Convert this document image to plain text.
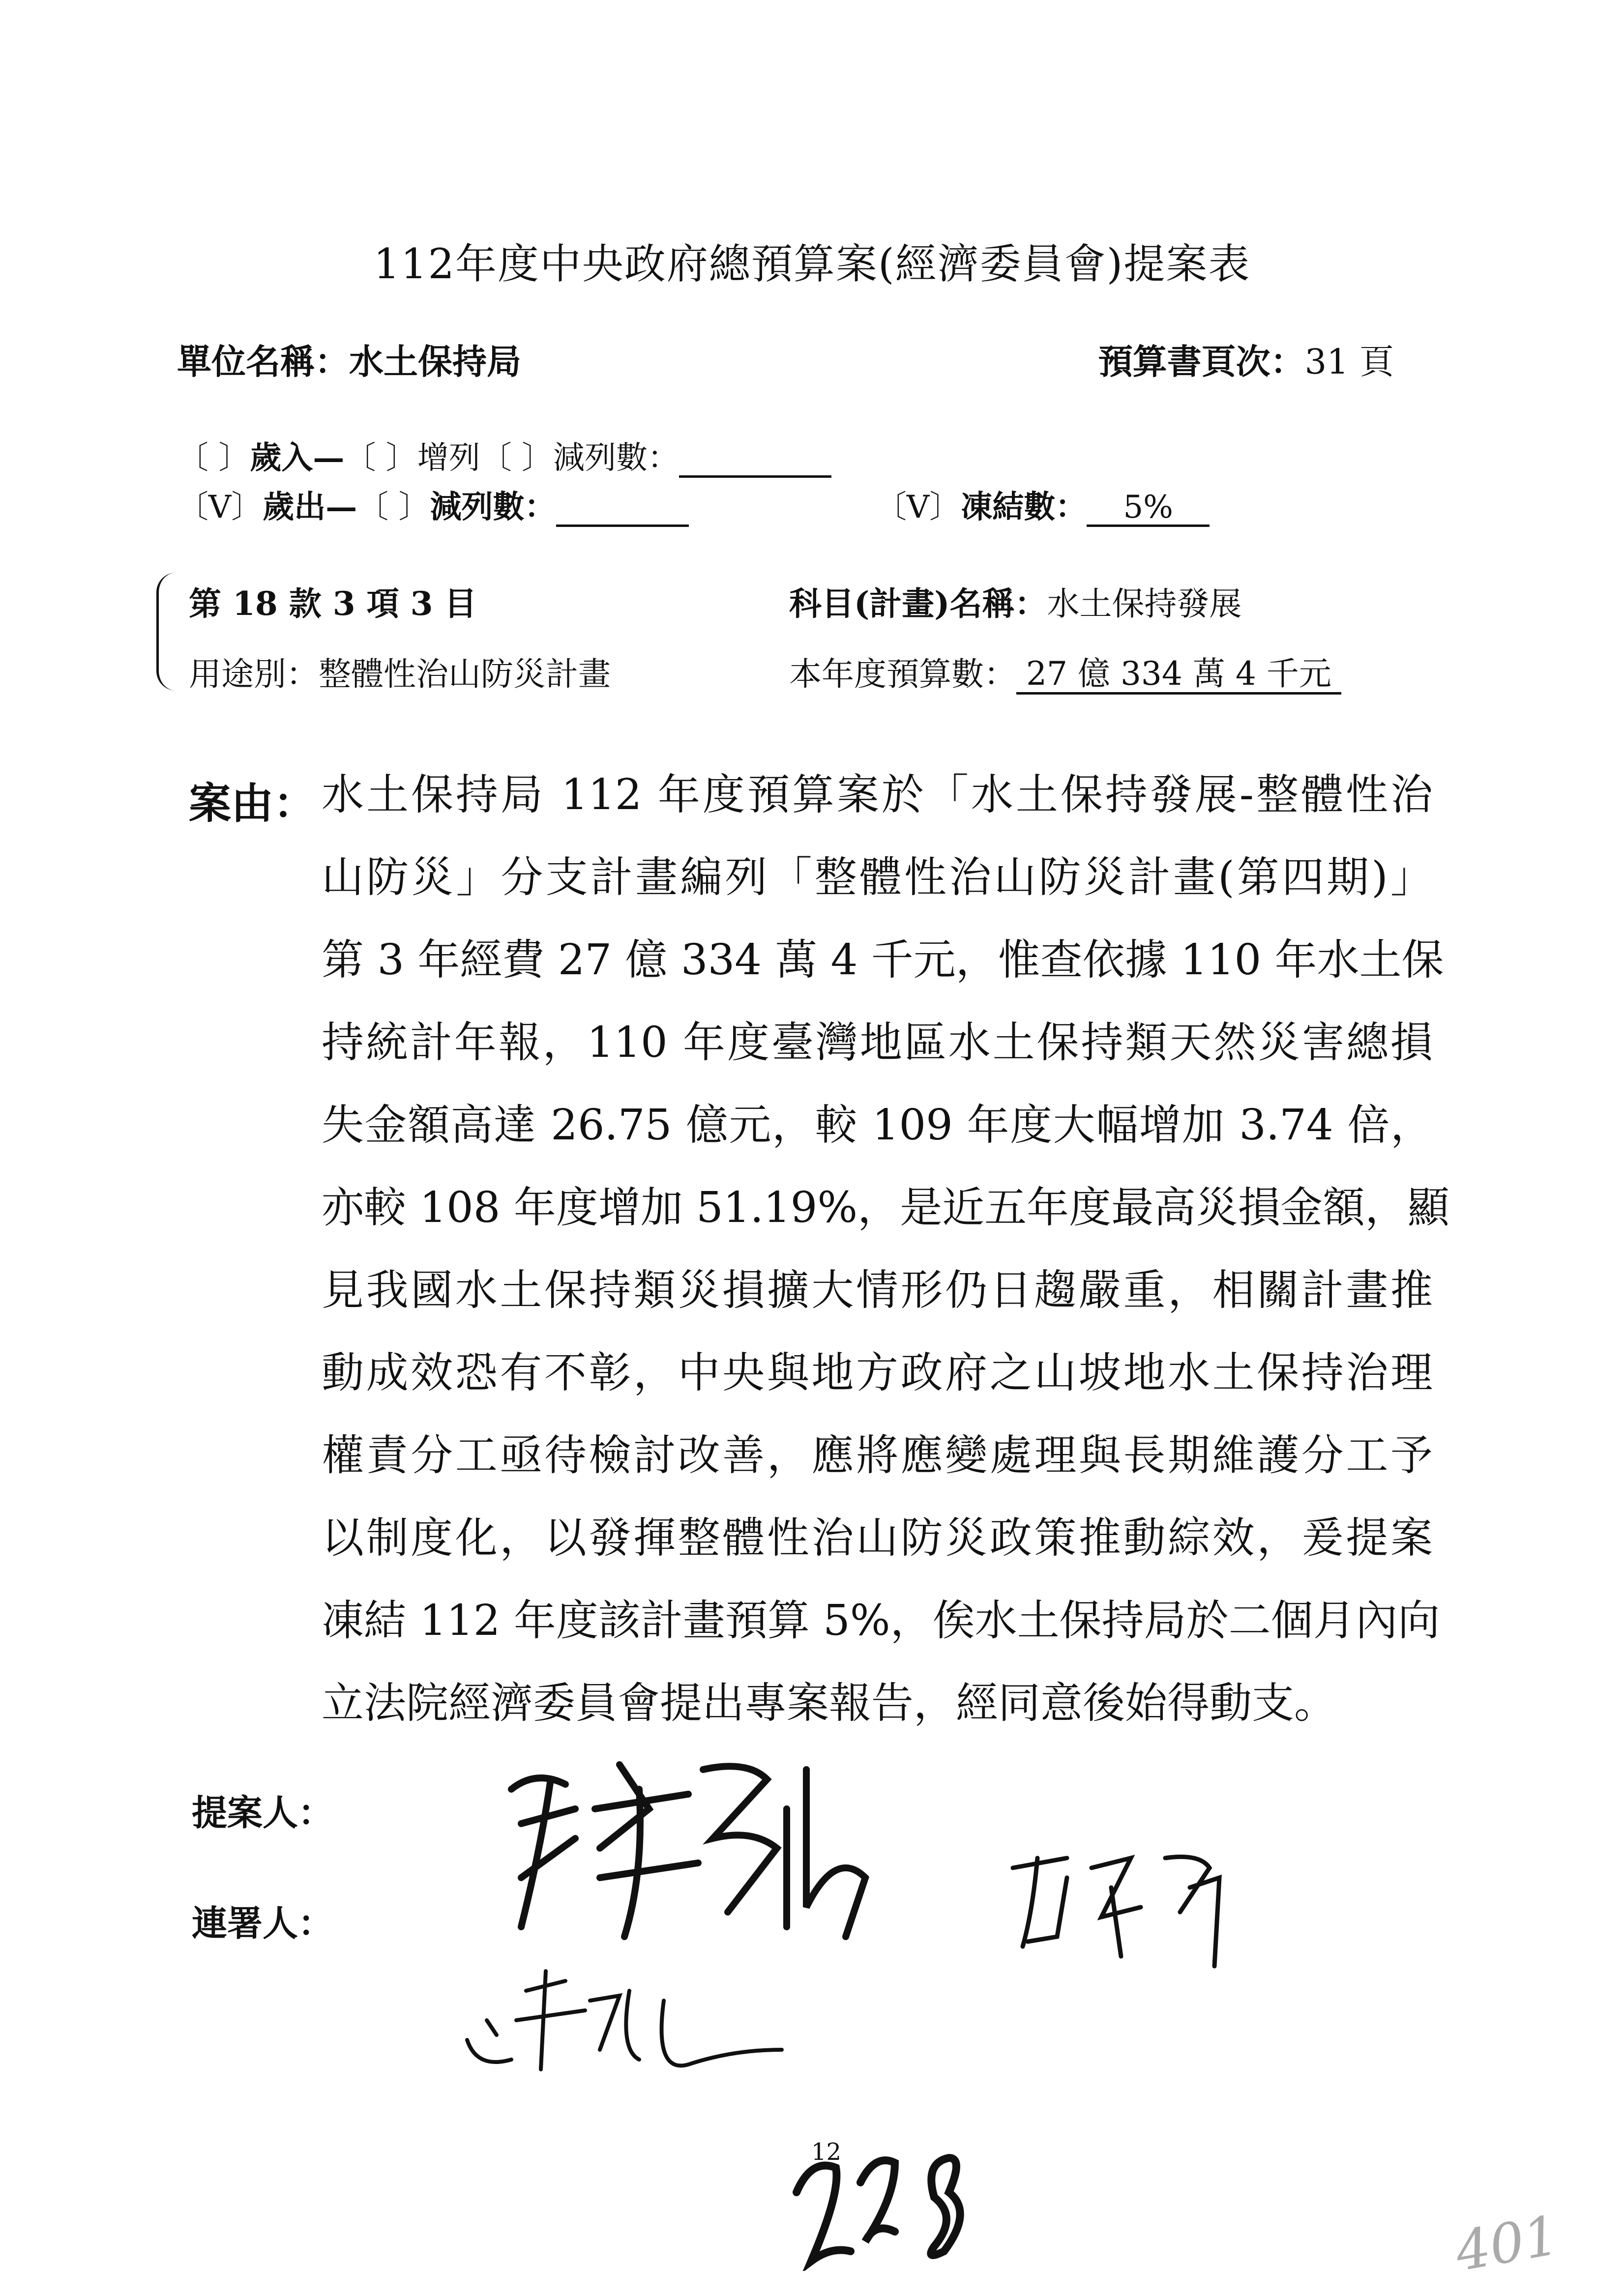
112年度中央政府總預算案(經濟委員會)提案表
單位名稱：水土保持局	預算書頁次：31 頁
〔 〕歲入—〔 〕增列〔 〕減列數：
〔V〕歲出—〔 〕減列數：	〔V〕凍結數： 5%
第 18 款 3 項 3 目
用途別：整體性治山防災計畫
科目(計畫)名稱：水土保持發展
本年度預算數： 27 億 334 萬 4 千元
案由： 水土保持局 112 年度預算案於「水土保持發展-整體性治
山防災」分支計畫編列「整體性治山防災計畫(第四期)」
第 3 年經費 27 億 334 萬 4 千元，惟查依據 110 年水土保
持統計年報，110 年度臺灣地區水土保持類天然災害總損
失金額高達 26.75 億元，較 109 年度大幅增加 3.74 倍，
亦較 108 年度增加 51.19%，是近五年度最高災損金額，顯
見我國水土保持類災損擴大情形仍日趨嚴重，相關計畫推
動成效恐有不彰，中央與地方政府之山坡地水土保持治理
權責分工亟待檢討改善，應將應變處理與長期維護分工予
以制度化，以發揮整體性治山防災政策推動綜效，爰提案
凍結 112 年度該計畫預算 5%，俟水土保持局於二個月內向
立法院經濟委員會提出專案報告，經同意後始得動支。
提案人：
連署人：
12
401
